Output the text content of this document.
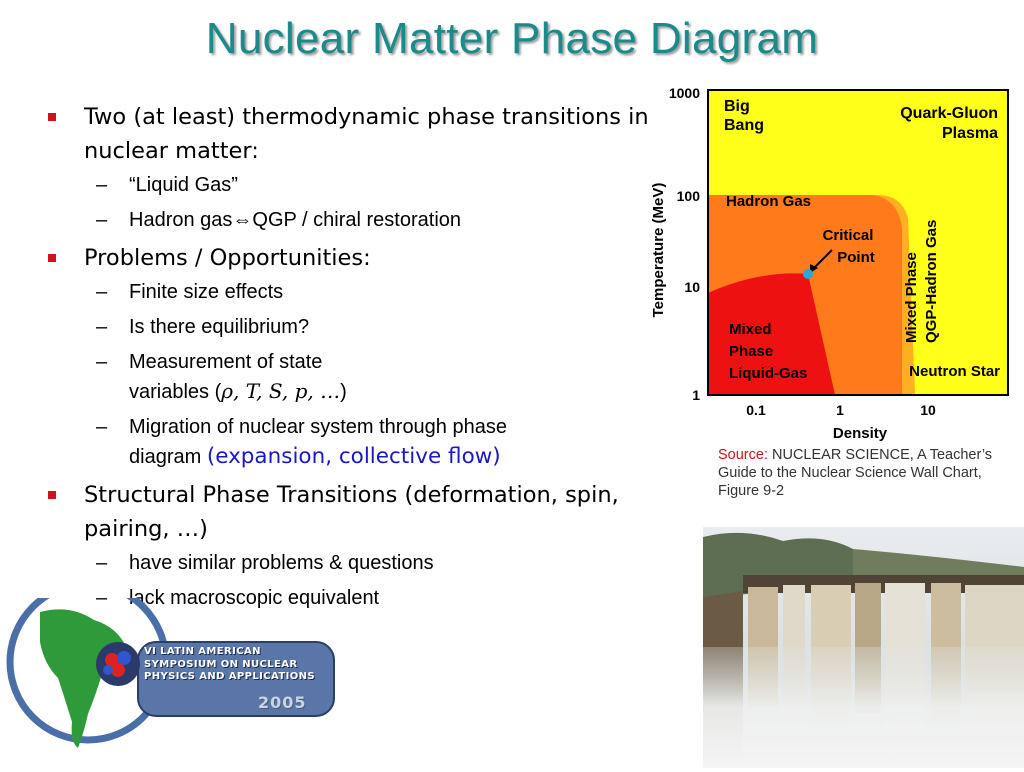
Nuclear Matter Phase Diagram
Two (at least) thermodynamic phase transitions in nuclear matter:
– “Liquid Gas”
– Hadron gas⇔QGP / chiral restoration
Problems / Opportunities:
– Finite size effects
– Is there equilibrium?
– Measurement of state
variables (ρ, T, S, p, …)
– Migration of nuclear system through phase
diagram (expansion, collective flow)
Structural Phase Transitions (deformation, spin, pairing, …)
– have similar problems & questions
– lack macroscopic equivalent
Big
Bang
Quark-Gluon
Plasma
Hadron Gas
Critical
Point
Mixed
Phase
Liquid-Gas	Neutron Star
Mixed Phase QGP-Hadron Gas
1000
100
10
1
0.1	1	10
Density
Temperature (MeV)
Source: NUCLEAR SCIENCE, A Teacher’s Guide to the Nuclear Science Wall Chart,
Figure 9-2
VI LATIN AMERICAN
SYMPOSIUM ON NUCLEAR
PHYSICS AND APPLICATIONS
2005
